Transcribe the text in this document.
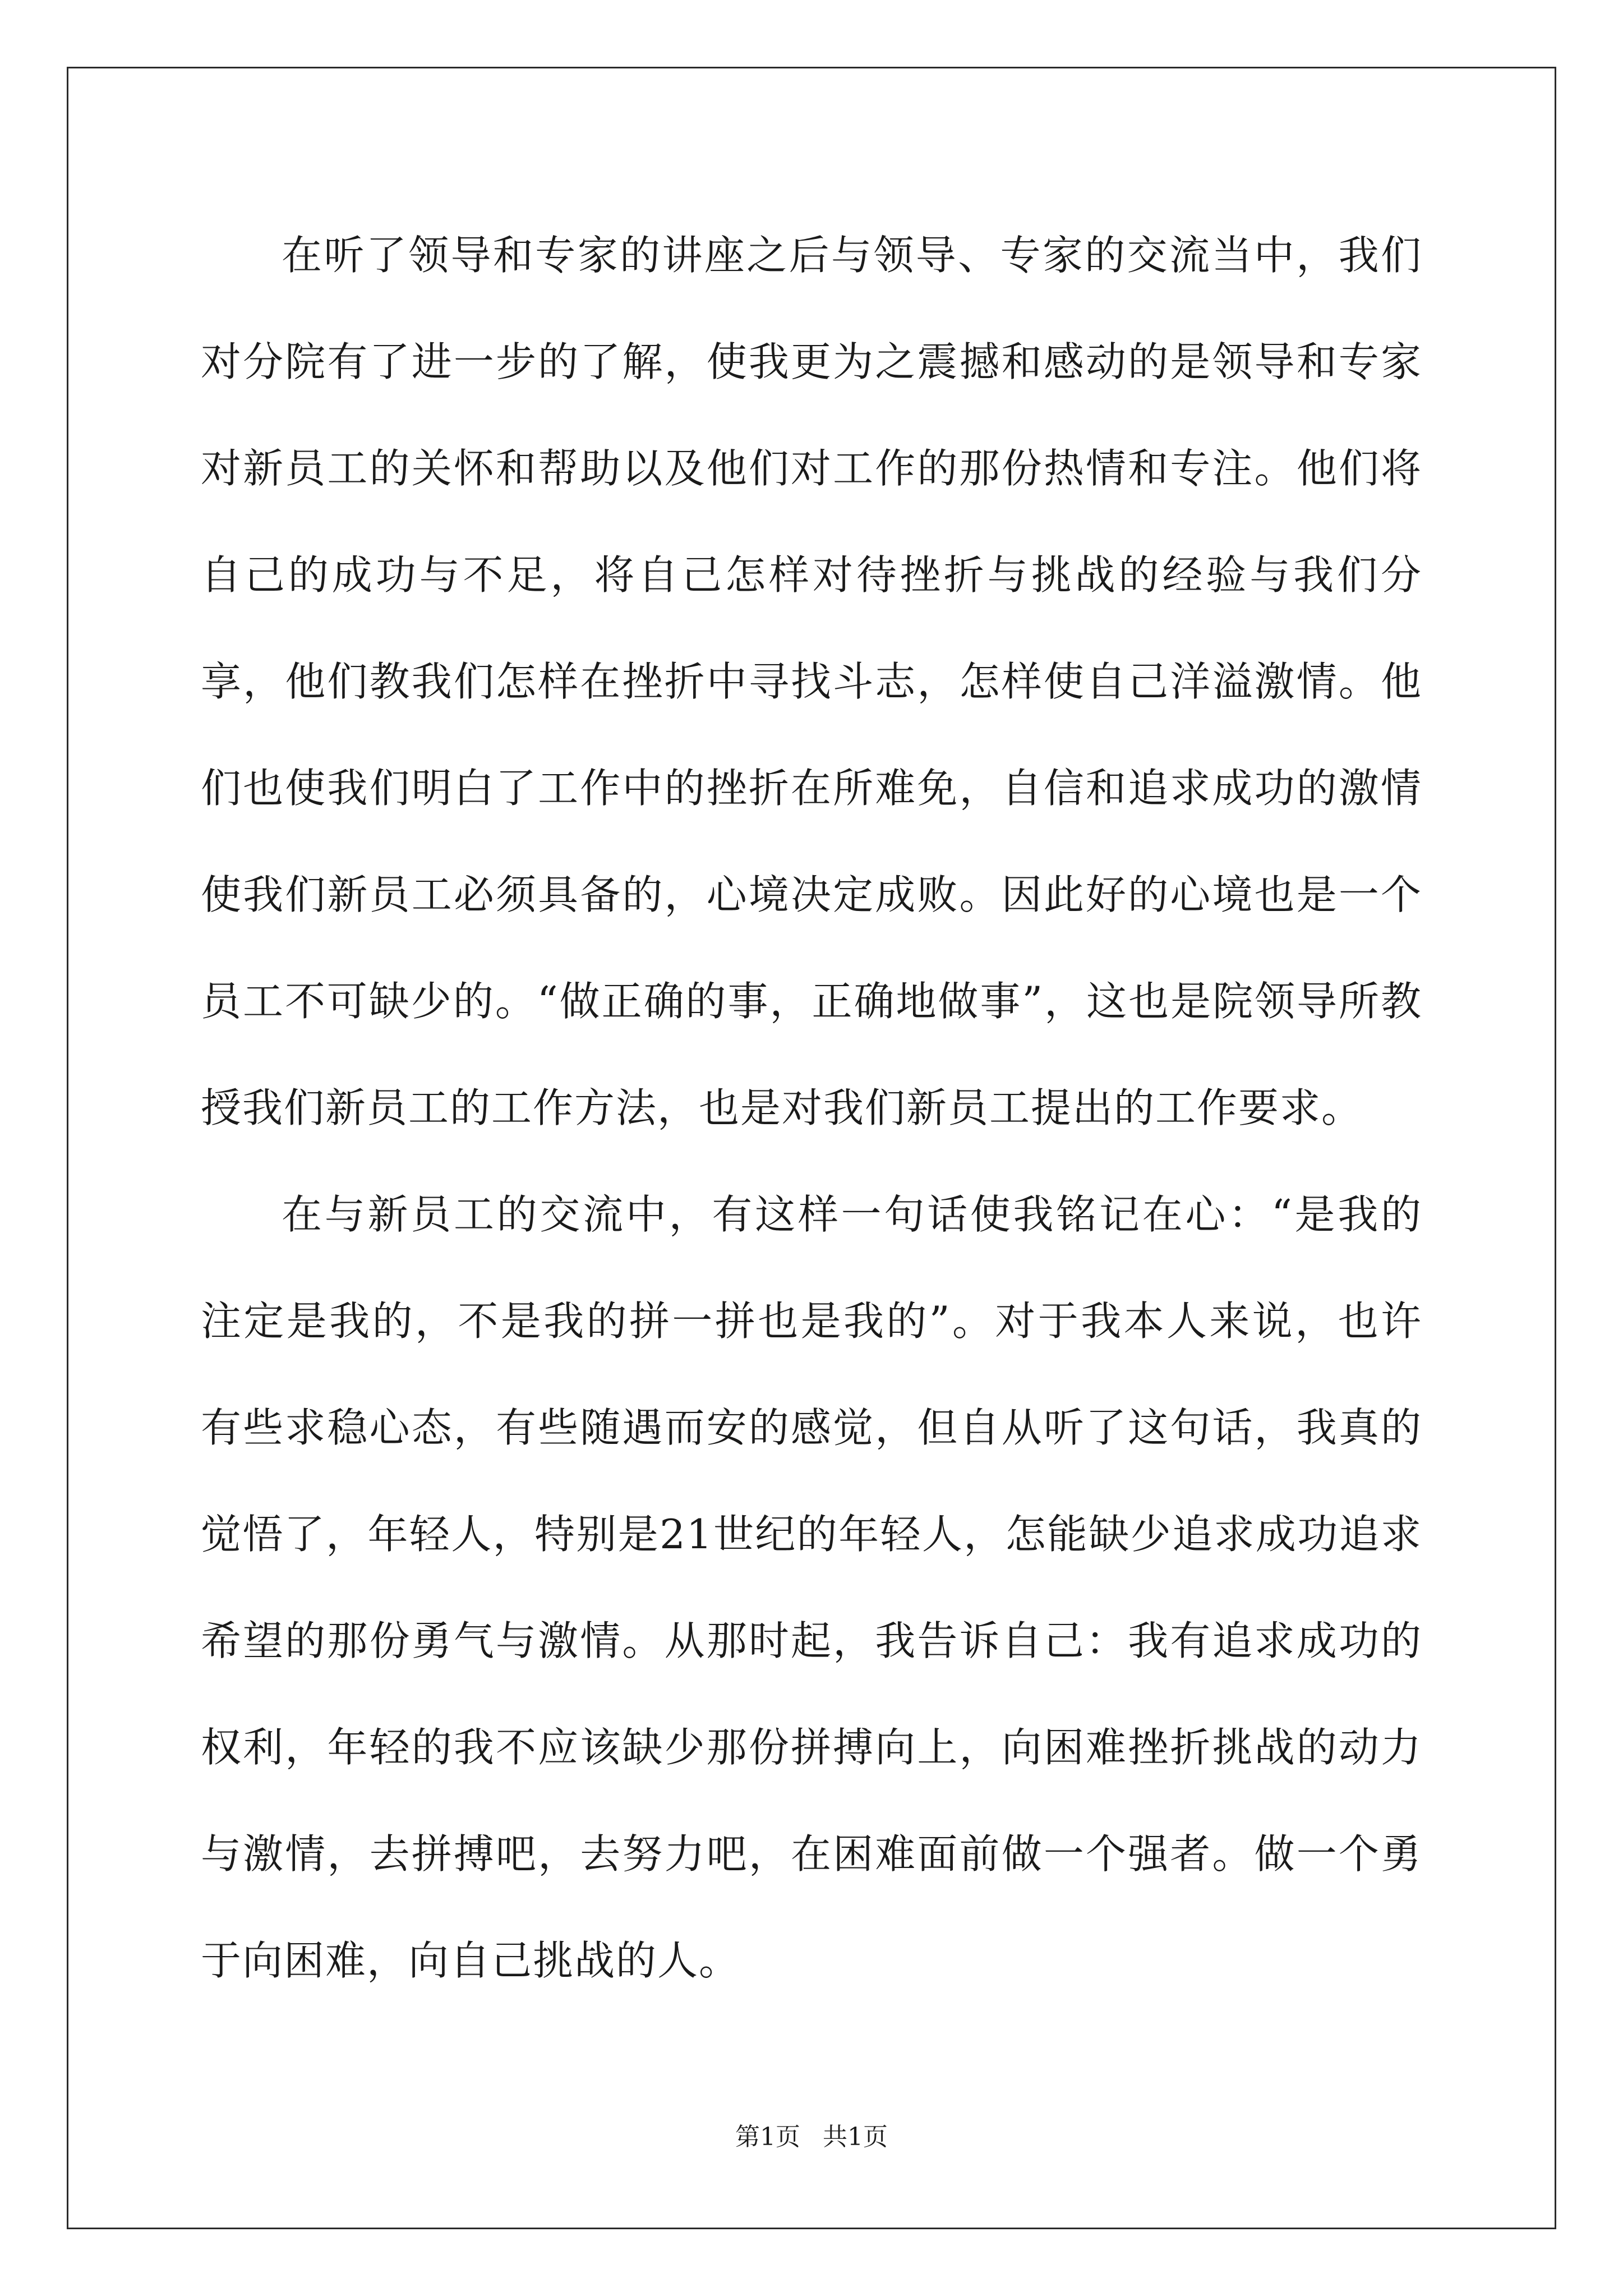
在听了领导和专家的讲座之后与领导、专家的交流当中，我们对分院有了进一步的了解，使我更为之震撼和感动的是领导和专家对新员工的关怀和帮助以及他们对工作的那份热情和专注。他们将自己的成功与不足，将自己怎样对待挫折与挑战的经验与我们分享，他们教我们怎样在挫折中寻找斗志，怎样使自己洋溢激情。他们也使我们明白了工作中的挫折在所难免，自信和追求成功的激情使我们新员工必须具备的，心境决定成败。因此好的心境也是一个员工不可缺少的。“做正确的事，正确地做事”，这也是院领导所教授我们新员工的工作方法，也是对我们新员工提出的工作要求。

在与新员工的交流中，有这样一句话使我铭记在心：“是我的注定是我的，不是我的拼一拼也是我的”。对于我本人来说，也许有些求稳心态，有些随遇而安的感觉，但自从听了这句话，我真的觉悟了，年轻人，特别是21世纪的年轻人，怎能缺少追求成功追求希望的那份勇气与激情。从那时起，我告诉自己：我有追求成功的权利，年轻的我不应该缺少那份拼搏向上，向困难挫折挑战的动力与激情，去拼搏吧，去努力吧，在困难面前做一个强者。做一个勇于向困难，向自己挑战的人。

第1页 共1页
